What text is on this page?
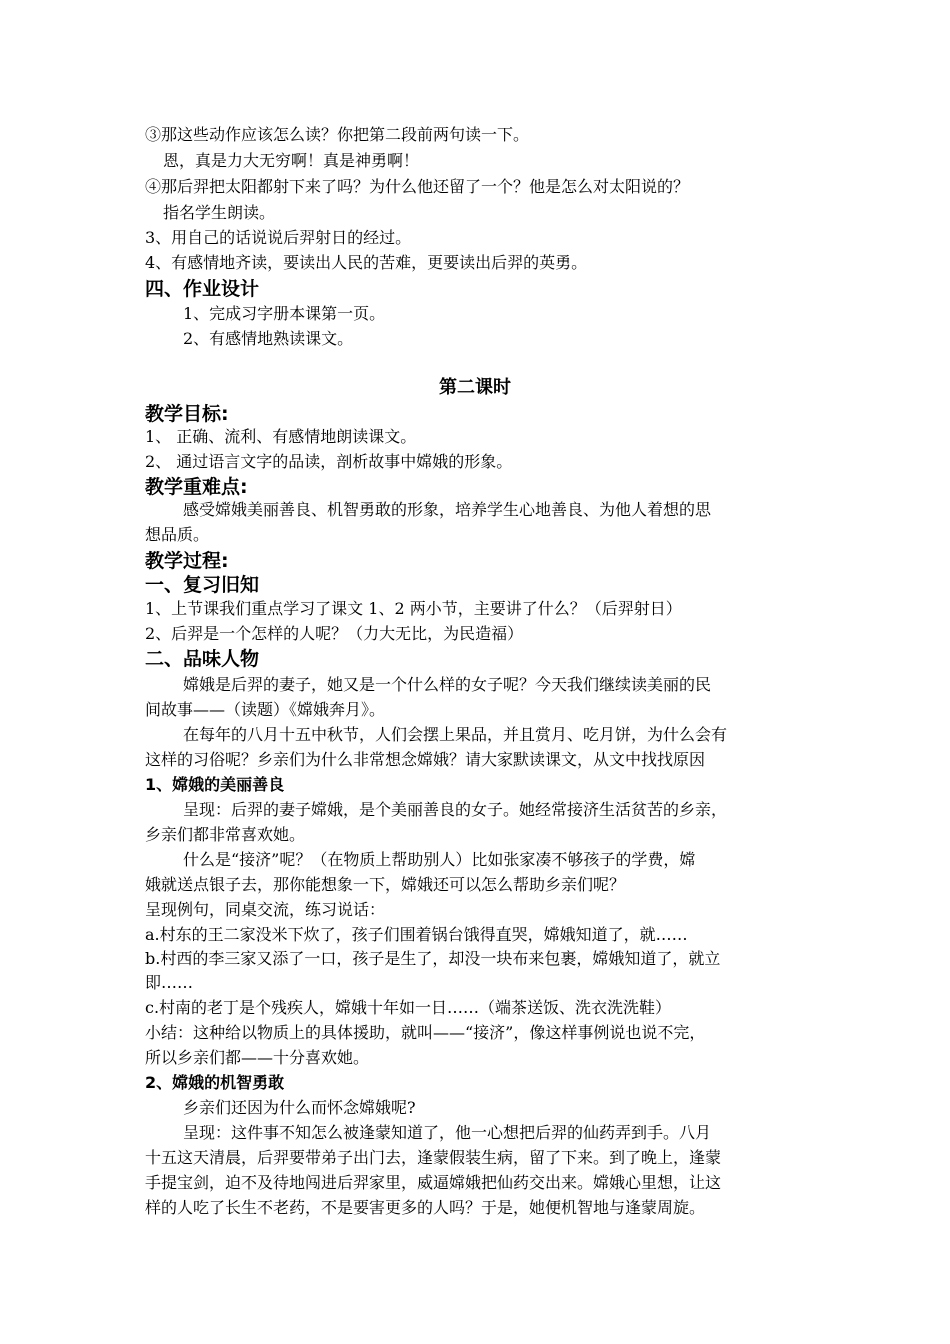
③那这些动作应该怎么读？你把第二段前两句读一下。
恩，真是力大无穷啊！真是神勇啊！
④那后羿把太阳都射下来了吗？为什么他还留了一个？他是怎么对太阳说的？
指名学生朗读。
3、用自己的话说说后羿射日的经过。
4、有感情地齐读，要读出人民的苦难，更要读出后羿的英勇。
四、作业设计
1、完成习字册本课第一页。
2、有感情地熟读课文。
第二课时
教学目标:
1、 正确、流利、有感情地朗读课文。
2、 通过语言文字的品读，剖析故事中嫦娥的形象。
教学重难点:
感受嫦娥美丽善良、机智勇敢的形象，培养学生心地善良、为他人着想的思
想品质。
教学过程:
一、复习旧知
1、上节课我们重点学习了课文 1、2 两小节，主要讲了什么？（后羿射日）
2、后羿是一个怎样的人呢？（力大无比，为民造福）
二、品味人物
嫦娥是后羿的妻子，她又是一个什么样的女子呢？今天我们继续读美丽的民
间故事——（读题）《嫦娥奔月》。
在每年的八月十五中秋节，人们会摆上果品，并且赏月、吃月饼，为什么会有
这样的习俗呢？乡亲们为什么非常想念嫦娥？请大家默读课文，从文中找找原因
1、嫦娥的美丽善良
呈现：后羿的妻子嫦娥，是个美丽善良的女子。她经常接济生活贫苦的乡亲，
乡亲们都非常喜欢她。
什么是“接济”呢？（在物质上帮助别人）比如张家凑不够孩子的学费，嫦
娥就送点银子去，那你能想象一下，嫦娥还可以怎么帮助乡亲们呢？
呈现例句，同桌交流，练习说话：
a.村东的王二家没米下炊了，孩子们围着锅台饿得直哭，嫦娥知道了，就……
b.村西的李三家又添了一口，孩子是生了，却没一块布来包裹，嫦娥知道了，就立
即……
c.村南的老丁是个残疾人，嫦娥十年如一日……（端茶送饭、洗衣洗洗鞋）
小结：这种给以物质上的具体援助，就叫——“接济”，像这样事例说也说不完，
所以乡亲们都——十分喜欢她。
2、嫦娥的机智勇敢
乡亲们还因为什么而怀念嫦娥呢?
呈现：这件事不知怎么被逢蒙知道了，他一心想把后羿的仙药弄到手。八月
十五这天清晨，后羿要带弟子出门去，逢蒙假装生病，留了下来。到了晚上，逢蒙
手提宝剑，迫不及待地闯进后羿家里，威逼嫦娥把仙药交出来。嫦娥心里想，让这
样的人吃了长生不老药，不是要害更多的人吗？于是，她便机智地与逢蒙周旋。
